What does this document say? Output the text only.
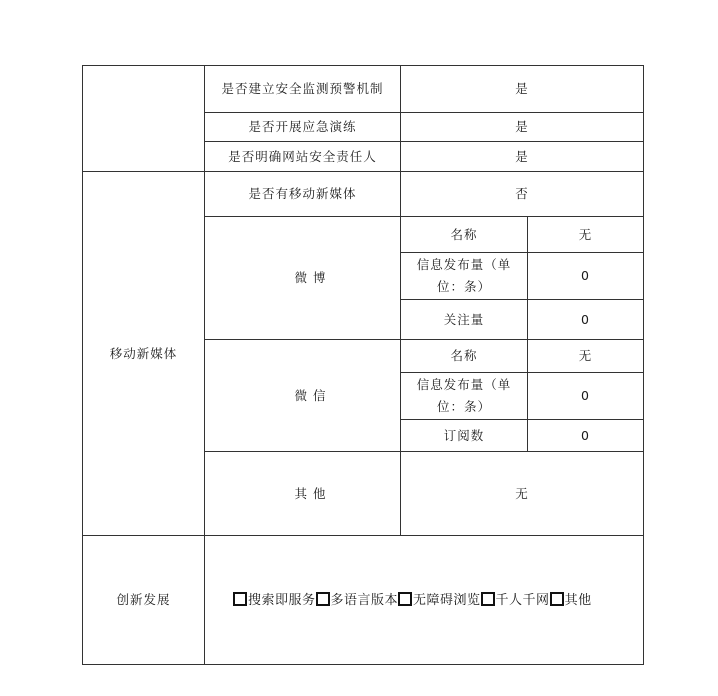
	是否建立安全监测预警机制	是	
	是否开展应急演练	是	
	是否明确网站安全责任人	是	
移动新媒体	是否有移动新媒体	否	
	微 博	名称	无
		信息发布量（单位：条）	0
		关注量	0
	微 信	名称	无
		信息发布量（单位：条）	0
		订阅数	0
	其 他	无	
创新发展	搜索即服务 多语言版本 无障碍浏览 千人千网 其他		
